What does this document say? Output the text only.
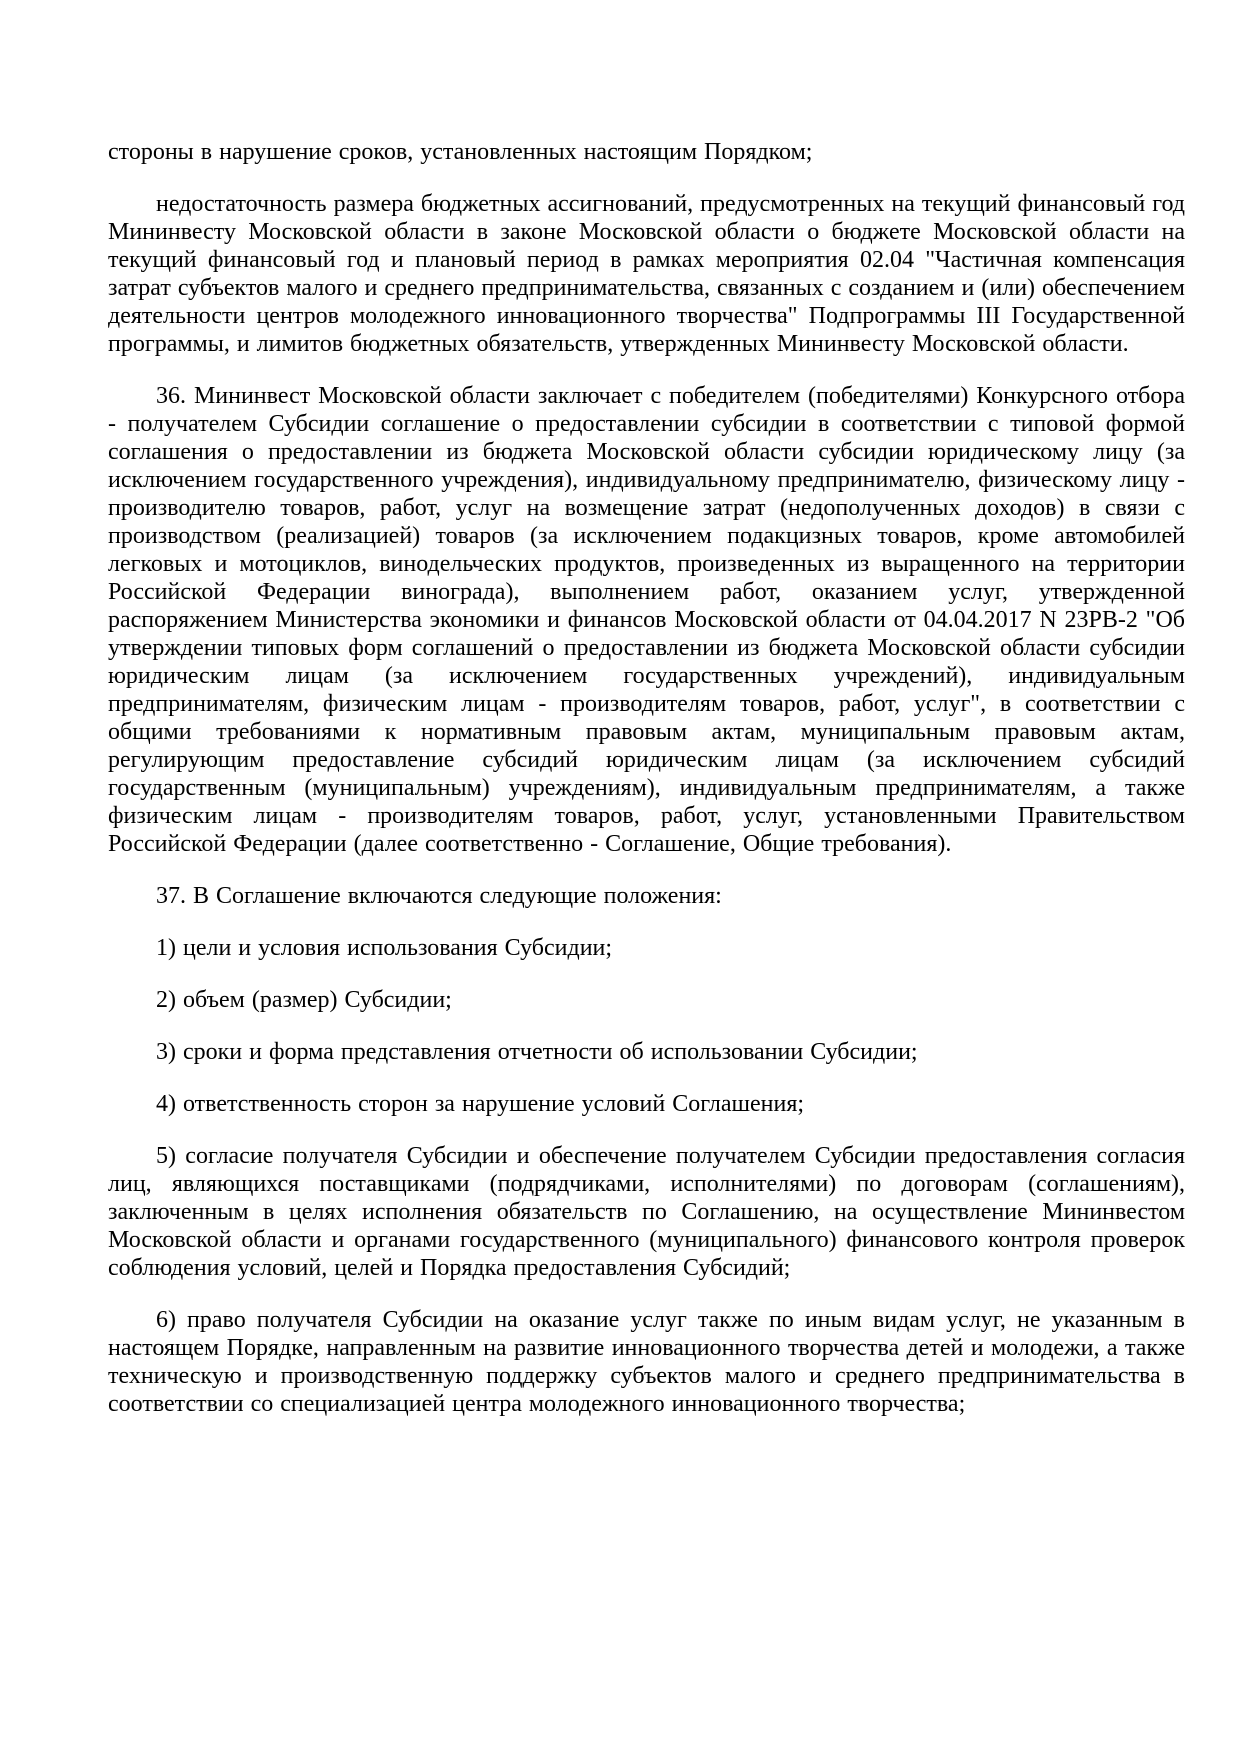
стороны в нарушение сроков, установленных настоящим Порядком;

недостаточность размера бюджетных ассигнований, предусмотренных на текущий финансовый год Мининвесту Московской области в законе Московской области о бюджете Московской области на текущий финансовый год и плановый период в рамках мероприятия 02.04 "Частичная компенсация затрат субъектов малого и среднего предпринимательства, связанных с созданием и (или) обеспечением деятельности центров молодежного инновационного творчества" Подпрограммы III Государственной программы, и лимитов бюджетных обязательств, утвержденных Мининвесту Московской области.

36. Мининвест Московской области заключает с победителем (победителями) Конкурсного отбора - получателем Субсидии соглашение о предоставлении субсидии в соответствии с типовой формой соглашения о предоставлении из бюджета Московской области субсидии юридическому лицу (за исключением государственного учреждения), индивидуальному предпринимателю, физическому лицу - производителю товаров, работ, услуг на возмещение затрат (недополученных доходов) в связи с производством (реализацией) товаров (за исключением подакцизных товаров, кроме автомобилей легковых и мотоциклов, винодельческих продуктов, произведенных из выращенного на территории Российской Федерации винограда), выполнением работ, оказанием услуг, утвержденной распоряжением Министерства экономики и финансов Московской области от 04.04.2017 N 23РВ-2 "Об утверждении типовых форм соглашений о предоставлении из бюджета Московской области субсидии юридическим лицам (за исключением государственных учреждений), индивидуальным предпринимателям, физическим лицам - производителям товаров, работ, услуг", в соответствии с общими требованиями к нормативным правовым актам, муниципальным правовым актам, регулирующим предоставление субсидий юридическим лицам (за исключением субсидий государственным (муниципальным) учреждениям), индивидуальным предпринимателям, а также физическим лицам - производителям товаров, работ, услуг, установленными Правительством Российской Федерации (далее соответственно - Соглашение, Общие требования).

37. В Соглашение включаются следующие положения:

1) цели и условия использования Субсидии;

2) объем (размер) Субсидии;

3) сроки и форма представления отчетности об использовании Субсидии;

4) ответственность сторон за нарушение условий Соглашения;

5) согласие получателя Субсидии и обеспечение получателем Субсидии предоставления согласия лиц, являющихся поставщиками (подрядчиками, исполнителями) по договорам (соглашениям), заключенным в целях исполнения обязательств по Соглашению, на осуществление Мининвестом Московской области и органами государственного (муниципального) финансового контроля проверок соблюдения условий, целей и Порядка предоставления Субсидий;

6) право получателя Субсидии на оказание услуг также по иным видам услуг, не указанным в настоящем Порядке, направленным на развитие инновационного творчества детей и молодежи, а также техническую и производственную поддержку субъектов малого и среднего предпринимательства в соответствии со специализацией центра молодежного инновационного творчества;
